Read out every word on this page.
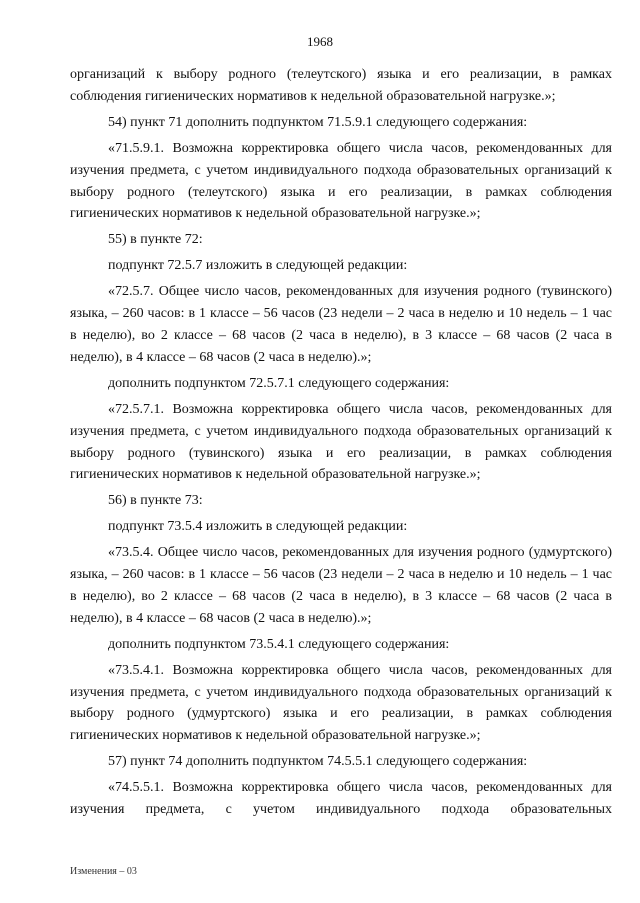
1968

организаций к выбору родного (телеутского) языка и его реализации, в рамках соблюдения гигиенических нормативов к недельной образовательной нагрузке.»;

54) пункт 71 дополнить подпунктом 71.5.9.1 следующего содержания:

«71.5.9.1. Возможна корректировка общего числа часов, рекомендованных для изучения предмета, с учетом индивидуального подхода образовательных организаций к выбору родного (телеутского) языка и его реализации, в рамках соблюдения гигиенических нормативов к недельной образовательной нагрузке.»;

55) в пункте 72:

подпункт 72.5.7 изложить в следующей редакции:

«72.5.7. Общее число часов, рекомендованных для изучения родного (тувинского) языка, – 260 часов: в 1 классе – 56 часов (23 недели – 2 часа в неделю и 10 недель – 1 час в неделю), во 2 классе – 68 часов (2 часа в неделю), в 3 классе – 68 часов (2 часа в неделю), в 4 классе – 68 часов (2 часа в неделю).»;

дополнить подпунктом 72.5.7.1 следующего содержания:

«72.5.7.1. Возможна корректировка общего числа часов, рекомендованных для изучения предмета, с учетом индивидуального подхода образовательных организаций к выбору родного (тувинского) языка и его реализации, в рамках соблюдения гигиенических нормативов к недельной образовательной нагрузке.»;

56) в пункте 73:

подпункт 73.5.4 изложить в следующей редакции:

«73.5.4. Общее число часов, рекомендованных для изучения родного (удмуртского) языка, – 260 часов: в 1 классе – 56 часов (23 недели – 2 часа в неделю и 10 недель – 1 час в неделю), во 2 классе – 68 часов (2 часа в неделю), в 3 классе – 68 часов (2 часа в неделю), в 4 классе – 68 часов (2 часа в неделю).»;

дополнить подпунктом 73.5.4.1 следующего содержания:

«73.5.4.1. Возможна корректировка общего числа часов, рекомендованных для изучения предмета, с учетом индивидуального подхода образовательных организаций к выбору родного (удмуртского) языка и его реализации, в рамках соблюдения гигиенических нормативов к недельной образовательной нагрузке.»;

57) пункт 74 дополнить подпунктом 74.5.5.1 следующего содержания:

«74.5.5.1. Возможна корректировка общего числа часов, рекомендованных для изучения предмета, с учетом индивидуального подхода образовательных

Изменения – 03
